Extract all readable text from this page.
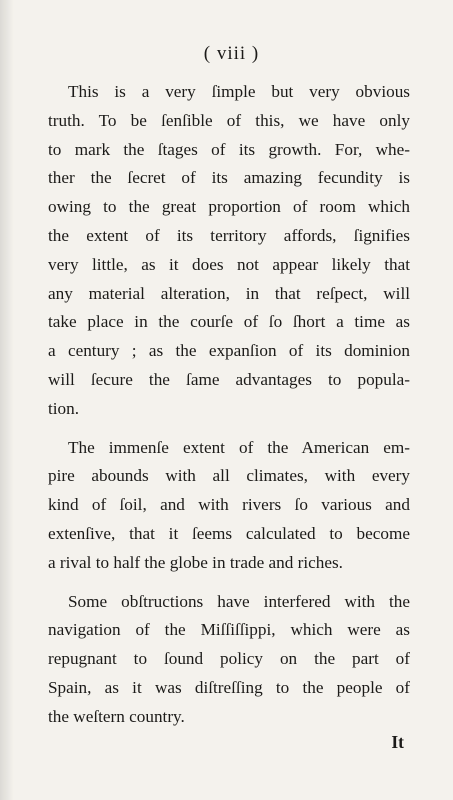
( viii )

This is a very ſimple but very obvious
truth. To be ſenſible of this, we have only
to mark the ſtages of its growth. For, whe-
ther the ſecret of its amazing fecundity is
owing to the great proportion of room which
the extent of its territory affords, ſignifies
very little, as it does not appear likely that
any material alteration, in that reſpect, will
take place in the courſe of ſo ſhort a time as
a century ; as the expanſion of its dominion
will ſecure the ſame advantages to popula-
tion.

The immenſe extent of the American em-
pire abounds with all climates, with every
kind of ſoil, and with rivers ſo various and
extenſive, that it ſeems calculated to become
a rival to half the globe in trade and riches.

Some obſtructions have interfered with the
navigation of the Miſſiſſippi, which were as
repugnant to ſound policy on the part of
Spain, as it was diſtreſſing to the people of
the weſtern country.

It
